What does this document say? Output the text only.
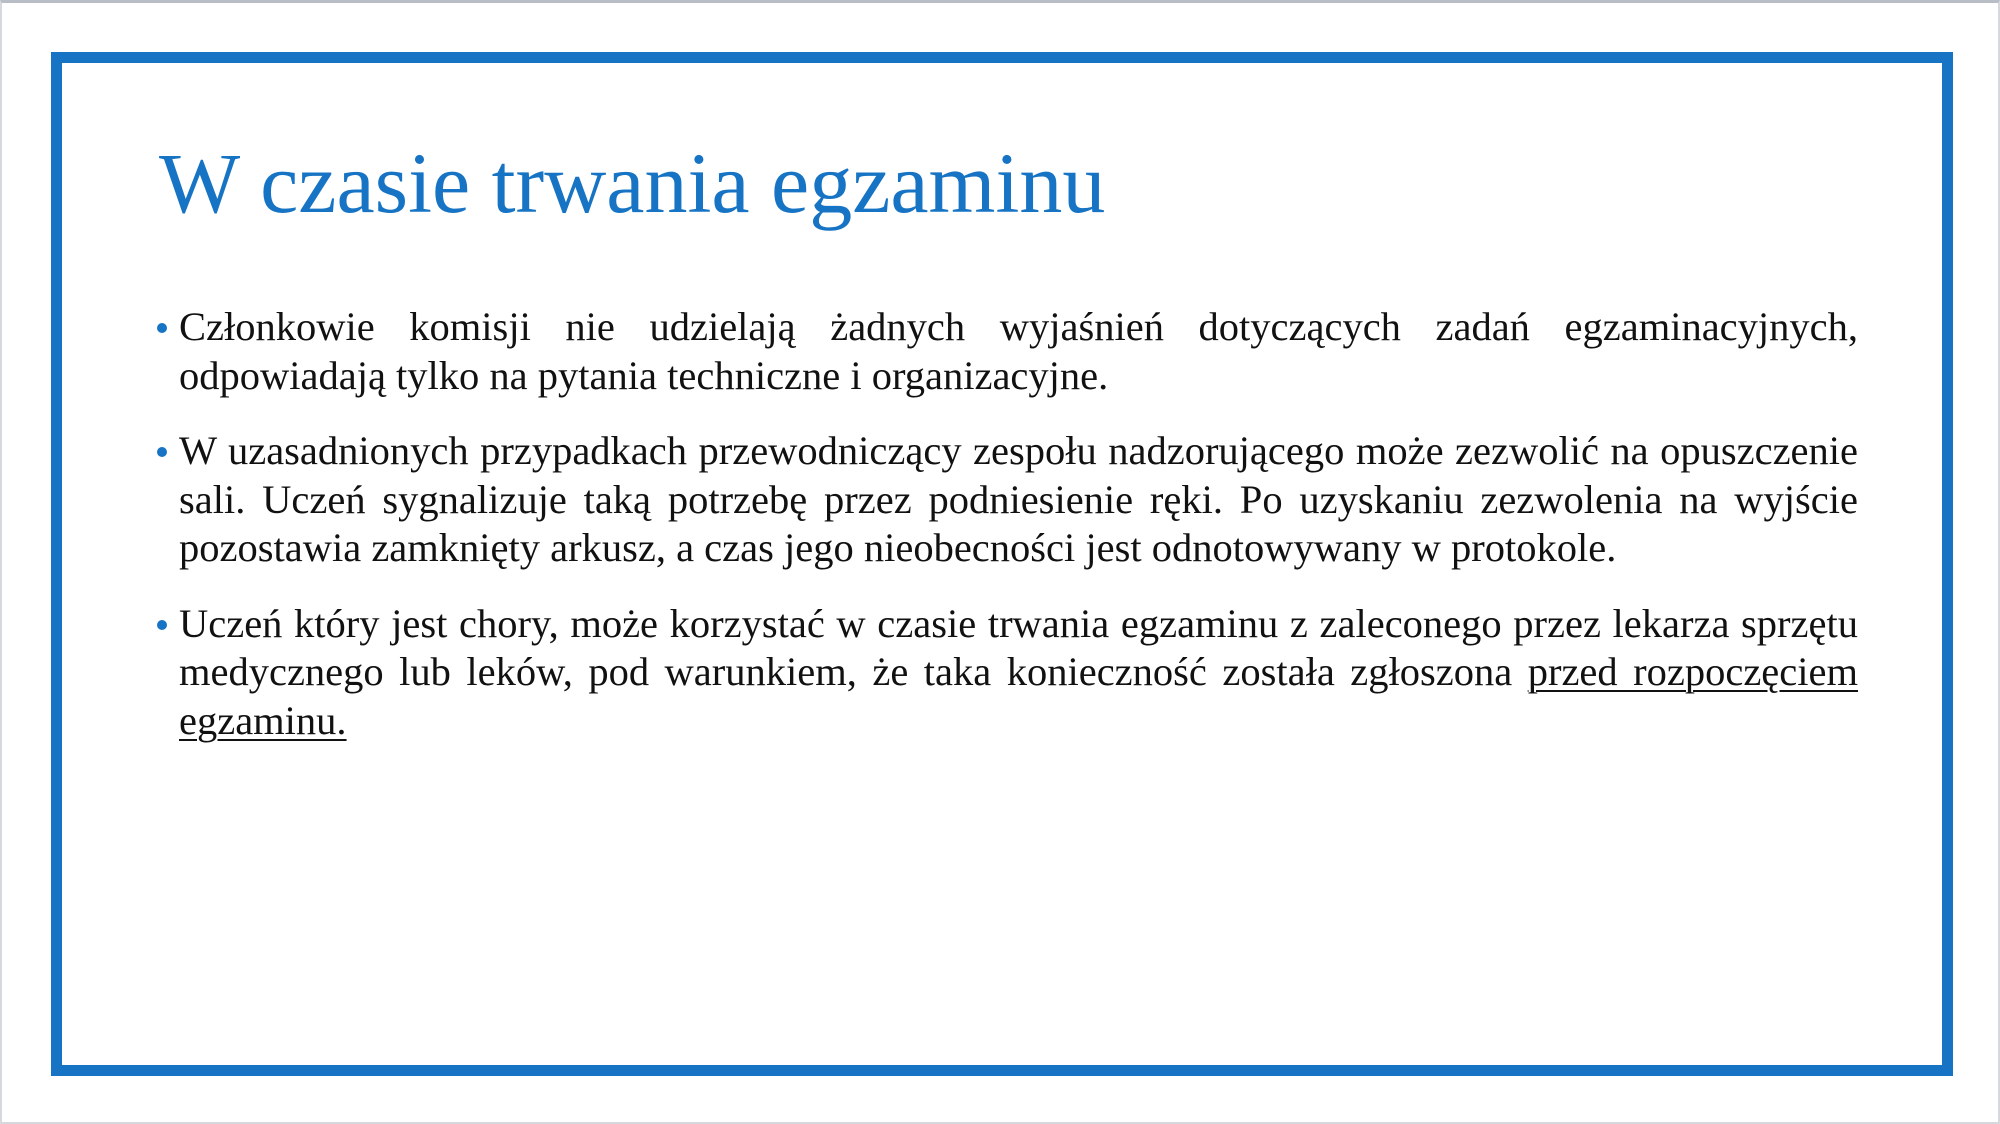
W czasie trwania egzaminu
Członkowie komisji nie udzielają żadnych wyjaśnień dotyczących zadań egzaminacyjnych, odpowiadają tylko na pytania techniczne i organizacyjne.
W uzasadnionych przypadkach przewodniczący zespołu nadzorującego może zezwolić na opuszczenie sali. Uczeń sygnalizuje taką potrzebę przez podniesienie ręki. Po uzyskaniu zezwolenia na wyjście pozostawia zamknięty arkusz, a czas jego nieobecności jest odnotowywany w protokole.
Uczeń który jest chory, może korzystać w czasie trwania egzaminu z zaleconego przez lekarza sprzętu medycznego lub leków, pod warunkiem, że taka konieczność została zgłoszona przed rozpoczęciem egzaminu.
